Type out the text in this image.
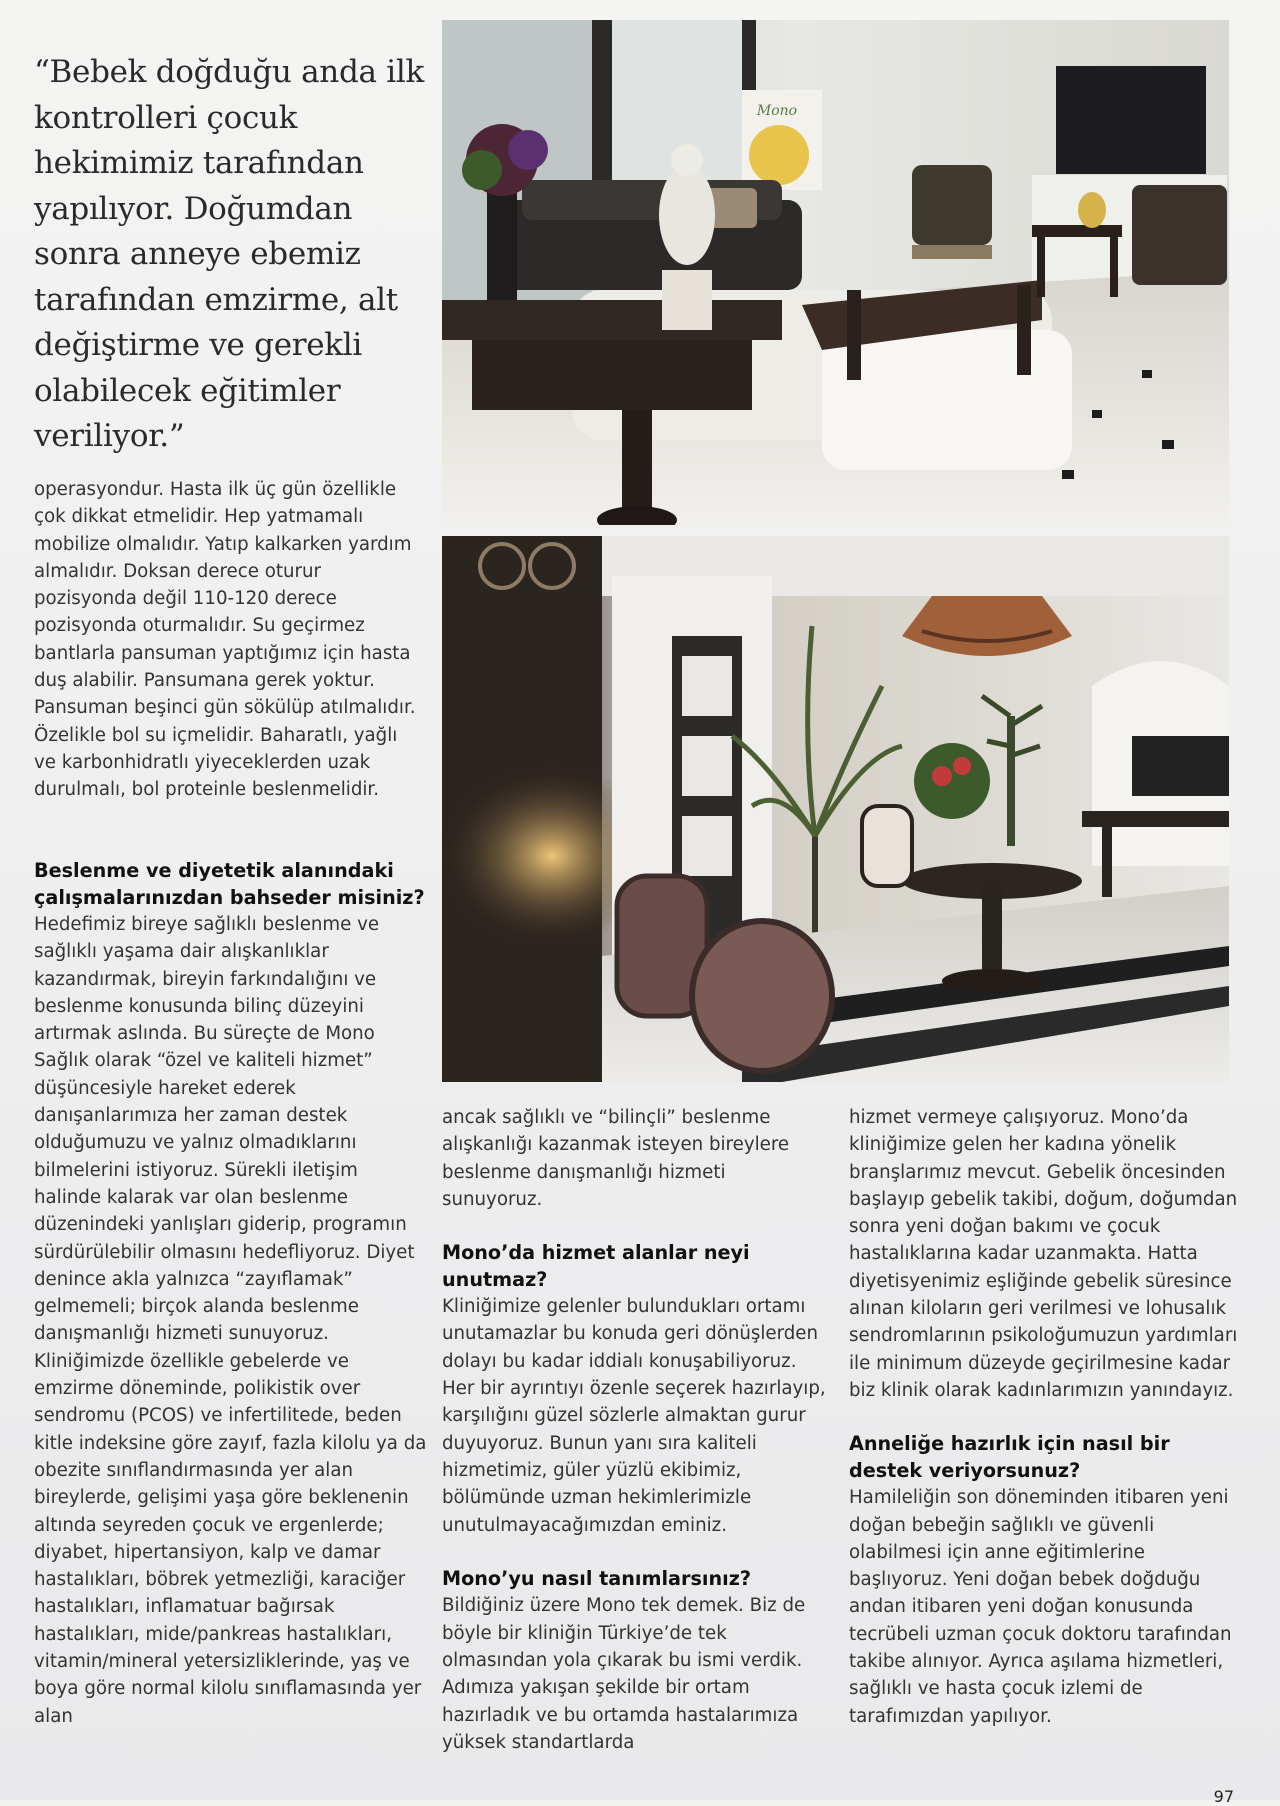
“Bebek doğduğu anda ilk kontrolleri çocuk hekimimiz tarafından yapılıyor. Doğumdan sonra anneye ebemiz tarafından emzirme, alt değiştirme ve gerekli olabilecek eğitimler veriliyor.”

operasyondur. Hasta ilk üç gün özellikle çok dikkat etmelidir. Hep yatmamalı mobilize olmalıdır. Yatıp kalkarken yardım almalıdır. Doksan derece oturur pozisyonda değil 110-120 derece pozisyonda oturmalıdır. Su geçirmez bantlarla pansuman yaptığımız için hasta duş alabilir. Pansumana gerek yoktur. Pansuman beşinci gün sökülüp atılmalıdır. Özelikle bol su içmelidir. Baharatlı, yağlı ve karbonhidratlı yiyeceklerden uzak durulmalı, bol proteinle beslenmelidir.

Beslenme ve diyetetik alanındaki çalışmalarınızdan bahseder misiniz?

Hedefimiz bireye sağlıklı beslenme ve sağlıklı yaşama dair alışkanlıklar kazandırmak, bireyin farkındalığını ve beslenme konusunda bilinç düzeyini artırmak aslında. Bu süreçte de Mono Sağlık olarak “özel ve kaliteli hizmet” düşüncesiyle hareket ederek danışanlarımıza her zaman destek olduğumuzu ve yalnız olmadıklarını bilmelerini istiyoruz. Sürekli iletişim halinde kalarak var olan beslenme düzenindeki yanlışları giderip, programın sürdürülebilir olmasını hedefliyoruz. Diyet denince akla yalnızca “zayıflamak” gelmemeli; birçok alanda beslenme danışmanlığı hizmeti sunuyoruz. Kliniğimizde özellikle gebelerde ve emzirme döneminde, polikistik over sendromu (PCOS) ve infertilitede, beden kitle indeksine göre zayıf, fazla kilolu ya da obezite sınıflandırmasında yer alan bireylerde, gelişimi yaşa göre beklenenin altında seyreden çocuk ve ergenlerde; diyabet, hipertansiyon, kalp ve damar hastalıkları, böbrek yetmezliği, karaciğer hastalıkları, inflamatuar bağırsak hastalıkları, mide/pankreas hastalıkları, vitamin/mineral yetersizliklerinde, yaş ve boya göre normal kilolu sınıflamasında yer alan

ancak sağlıklı ve “bilinçli” beslenme alışkanlığı kazanmak isteyen bireylere beslenme danışmanlığı hizmeti sunuyoruz.

Mono’da hizmet alanlar neyi unutmaz?

Kliniğimize gelenler bulundukları ortamı unutamazlar bu konuda geri dönüşlerden dolayı bu kadar iddialı konuşabiliyoruz. Her bir ayrıntıyı özenle seçerek hazırlayıp, karşılığını güzel sözlerle almaktan gurur duyuyoruz. Bunun yanı sıra kaliteli hizmetimiz, güler yüzlü ekibimiz, bölümünde uzman hekimlerimizle unutulmayacağımızdan eminiz.

Mono’yu nasıl tanımlarsınız?

Bildiğiniz üzere Mono tek demek. Biz de böyle bir kliniğin Türkiye’de tek olmasından yola çıkarak bu ismi verdik. Adımıza yakışan şekilde bir ortam hazırladık ve bu ortamda hastalarımıza yüksek standartlarda

hizmet vermeye çalışıyoruz. Mono’da kliniğimize gelen her kadına yönelik branşlarımız mevcut. Gebelik öncesinden başlayıp gebelik takibi, doğum, doğumdan sonra yeni doğan bakımı ve çocuk hastalıklarına kadar uzanmakta. Hatta diyetisyenimiz eşliğinde gebelik süresince alınan kiloların geri verilmesi ve lohusalık sendromlarının psikoloğumuzun yardımları ile minimum düzeyde geçirilmesine kadar biz klinik olarak kadınlarımızın yanındayız.

Anneliğe hazırlık için nasıl bir destek veriyorsunuz?

Hamileliğin son döneminden itibaren yeni doğan bebeğin sağlıklı ve güvenli olabilmesi için anne eğitimlerine başlıyoruz. Yeni doğan bebek doğduğu andan itibaren yeni doğan konusunda tecrübeli uzman çocuk doktoru tarafından takibe alınıyor. Ayrıca aşılama hizmetleri, sağlıklı ve hasta çocuk izlemi de tarafımızdan yapılıyor.

Mono
97
